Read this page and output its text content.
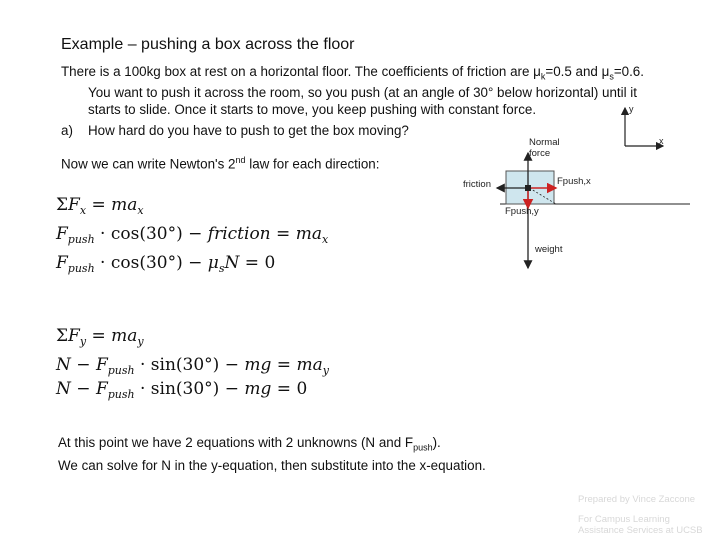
Example – pushing a box across the floor
There is a 100kg box at rest on a horizontal floor. The coefficients of friction are $\mu_k=0.5$ and $\mu_s=0.6$.
You want to push it across the room, so you push (at an angle of 30° below horizontal) until it
starts to slide. Once it starts to move, you keep pushing with constant force.
a) How hard do you have to push to get the box moving?
Now we can write Newton's 2nd law for each direction:
y
x
Normal
force
friction	Fpush,x
Fpush,y
weight
$\Sigma F_x = ma_x$
$F_{push} \cdot \cos(30^\circ)$ − friction = $ma_x$
$F_{push} \cdot \cos(30^\circ) - \mu_sN = 0$
$\Sigma F_y = ma_y$
$N - F_{push} \cdot \sin(30^\circ)$ − mg = $ma_y$
$N - F_{push} \cdot \sin(30^\circ)$ − mg = 0
At this point we have 2 equations with 2 unknowns (N and $F_{push}$).
We can solve for N in the y-equation, then substitute into the x-equation.
Prepared by Vince Zaccone
For Campus Learning
Assistance Services at UCSB
